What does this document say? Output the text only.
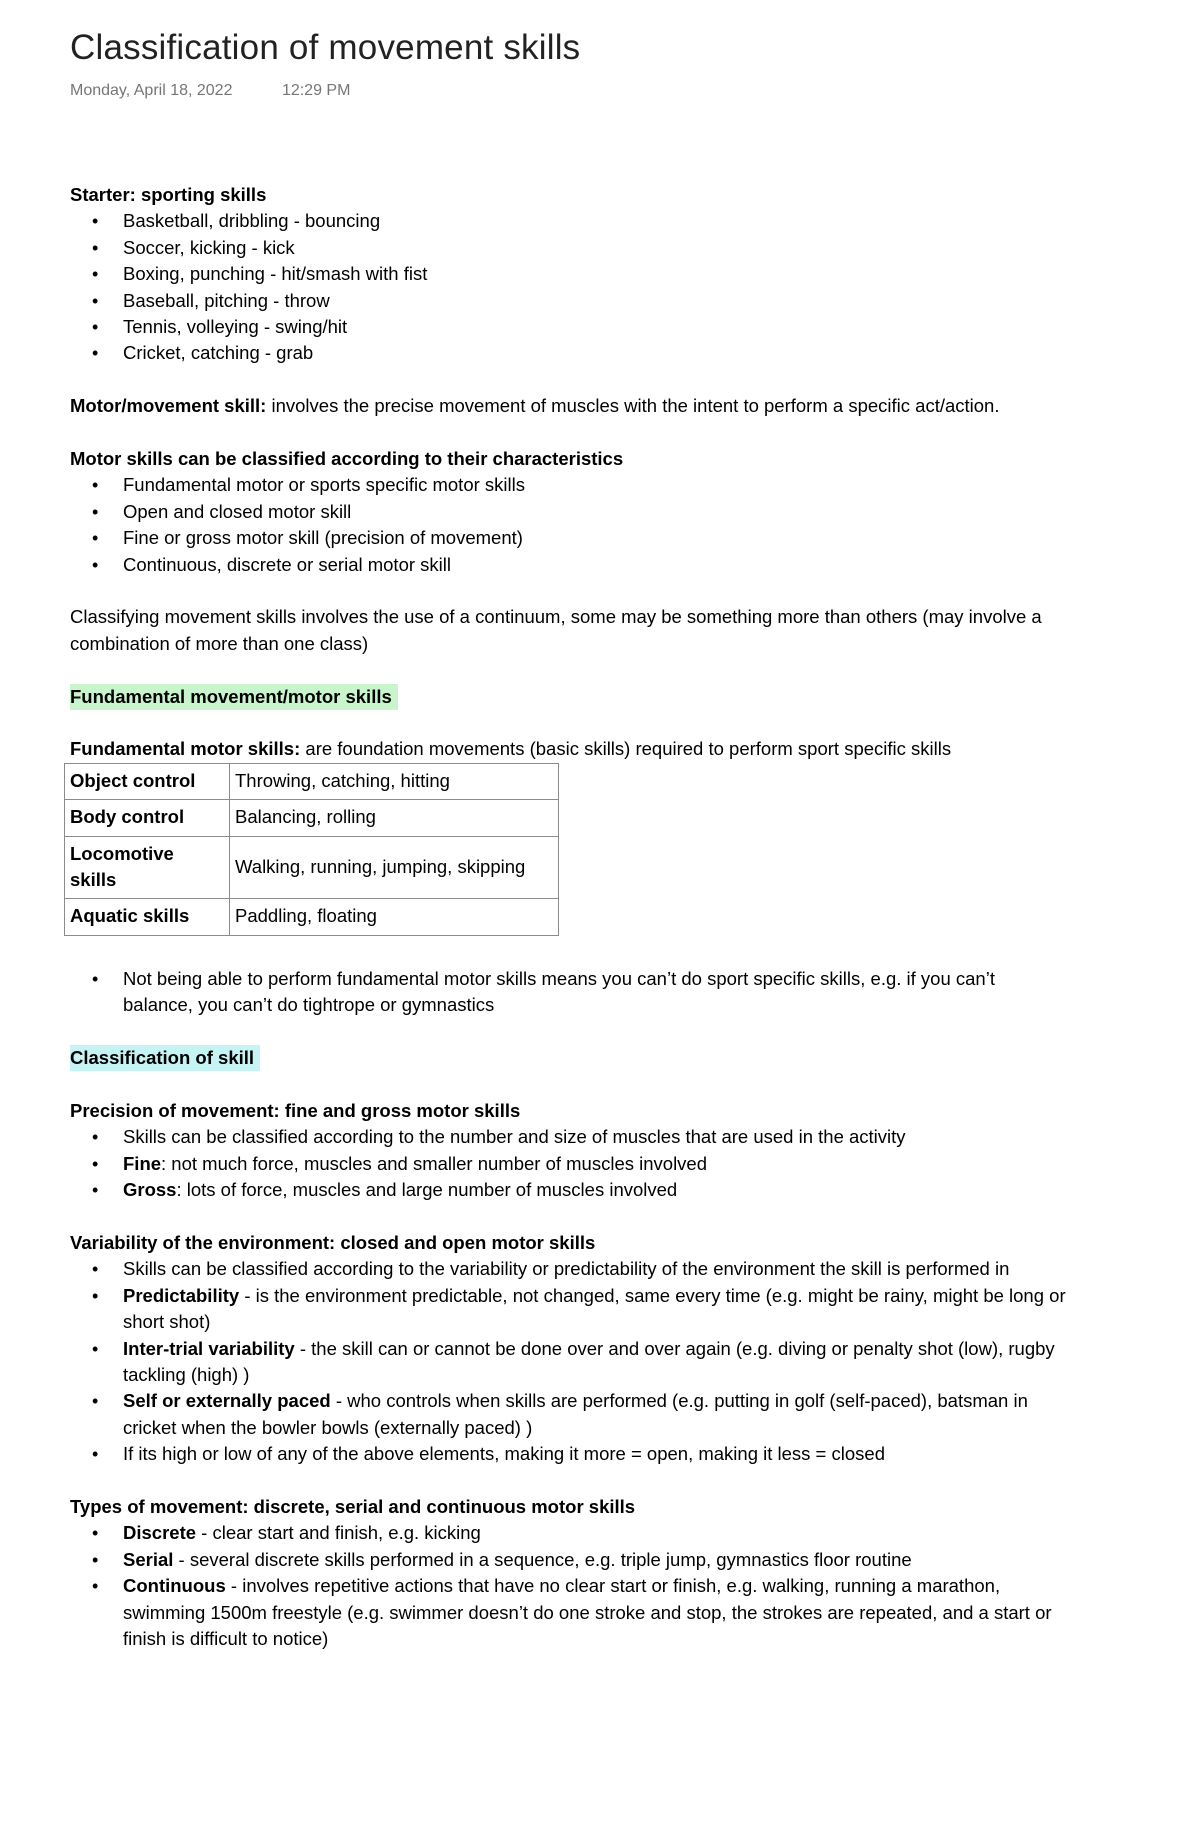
Classification of movement skills
Monday, April 18, 2022	12:29 PM

Starter: sporting skills

• Basketball, dribbling - bouncing
• Soccer, kicking - kick
• Boxing, punching - hit/smash with fist
• Baseball, pitching - throw
• Tennis, volleying - swing/hit
• Cricket, catching - grab

Motor/movement skill: involves the precise movement of muscles with the intent to perform a specific act/action.

Motor skills can be classified according to their characteristics

• Fundamental motor or sports specific motor skills
• Open and closed motor skill
• Fine or gross motor skill (precision of movement)
• Continuous, discrete or serial motor skill

Classifying movement skills involves the use of a continuum, some may be something more than others (may involve a combination of more than one class)

Fundamental movement/motor skills

Fundamental motor skills: are foundation movements (basic skills) required to perform sport specific skills

Object control	Throwing, catching, hitting
Body control	Balancing, rolling
Locomotive skills	Walking, running, jumping, skipping
Aquatic skills	Paddling, floating
• Not being able to perform fundamental motor skills means you can’t do sport specific skills, e.g. if you can’t balance, you can’t do tightrope or gymnastics

Classification of skill

Precision of movement: fine and gross motor skills

• Skills can be classified according to the number and size of muscles that are used in the activity
• Fine: not much force, muscles and smaller number of muscles involved
• Gross: lots of force, muscles and large number of muscles involved

Variability of the environment: closed and open motor skills

• Skills can be classified according to the variability or predictability of the environment the skill is performed in
• Predictability - is the environment predictable, not changed, same every time (e.g. might be rainy, might be long or short shot)
• Inter-trial variability - the skill can or cannot be done over and over again (e.g. diving or penalty shot (low), rugby tackling (high) )
• Self or externally paced - who controls when skills are performed (e.g. putting in golf (self-paced), batsman in cricket when the bowler bowls (externally paced) )
• If its high or low of any of the above elements, making it more = open, making it less = closed

Types of movement: discrete, serial and continuous motor skills

• Discrete - clear start and finish, e.g. kicking
• Serial - several discrete skills performed in a sequence, e.g. triple jump, gymnastics floor routine
• Continuous - involves repetitive actions that have no clear start or finish, e.g. walking, running a marathon, swimming 1500m freestyle (e.g. swimmer doesn’t do one stroke and stop, the strokes are repeated, and a start or finish is difficult to notice)
